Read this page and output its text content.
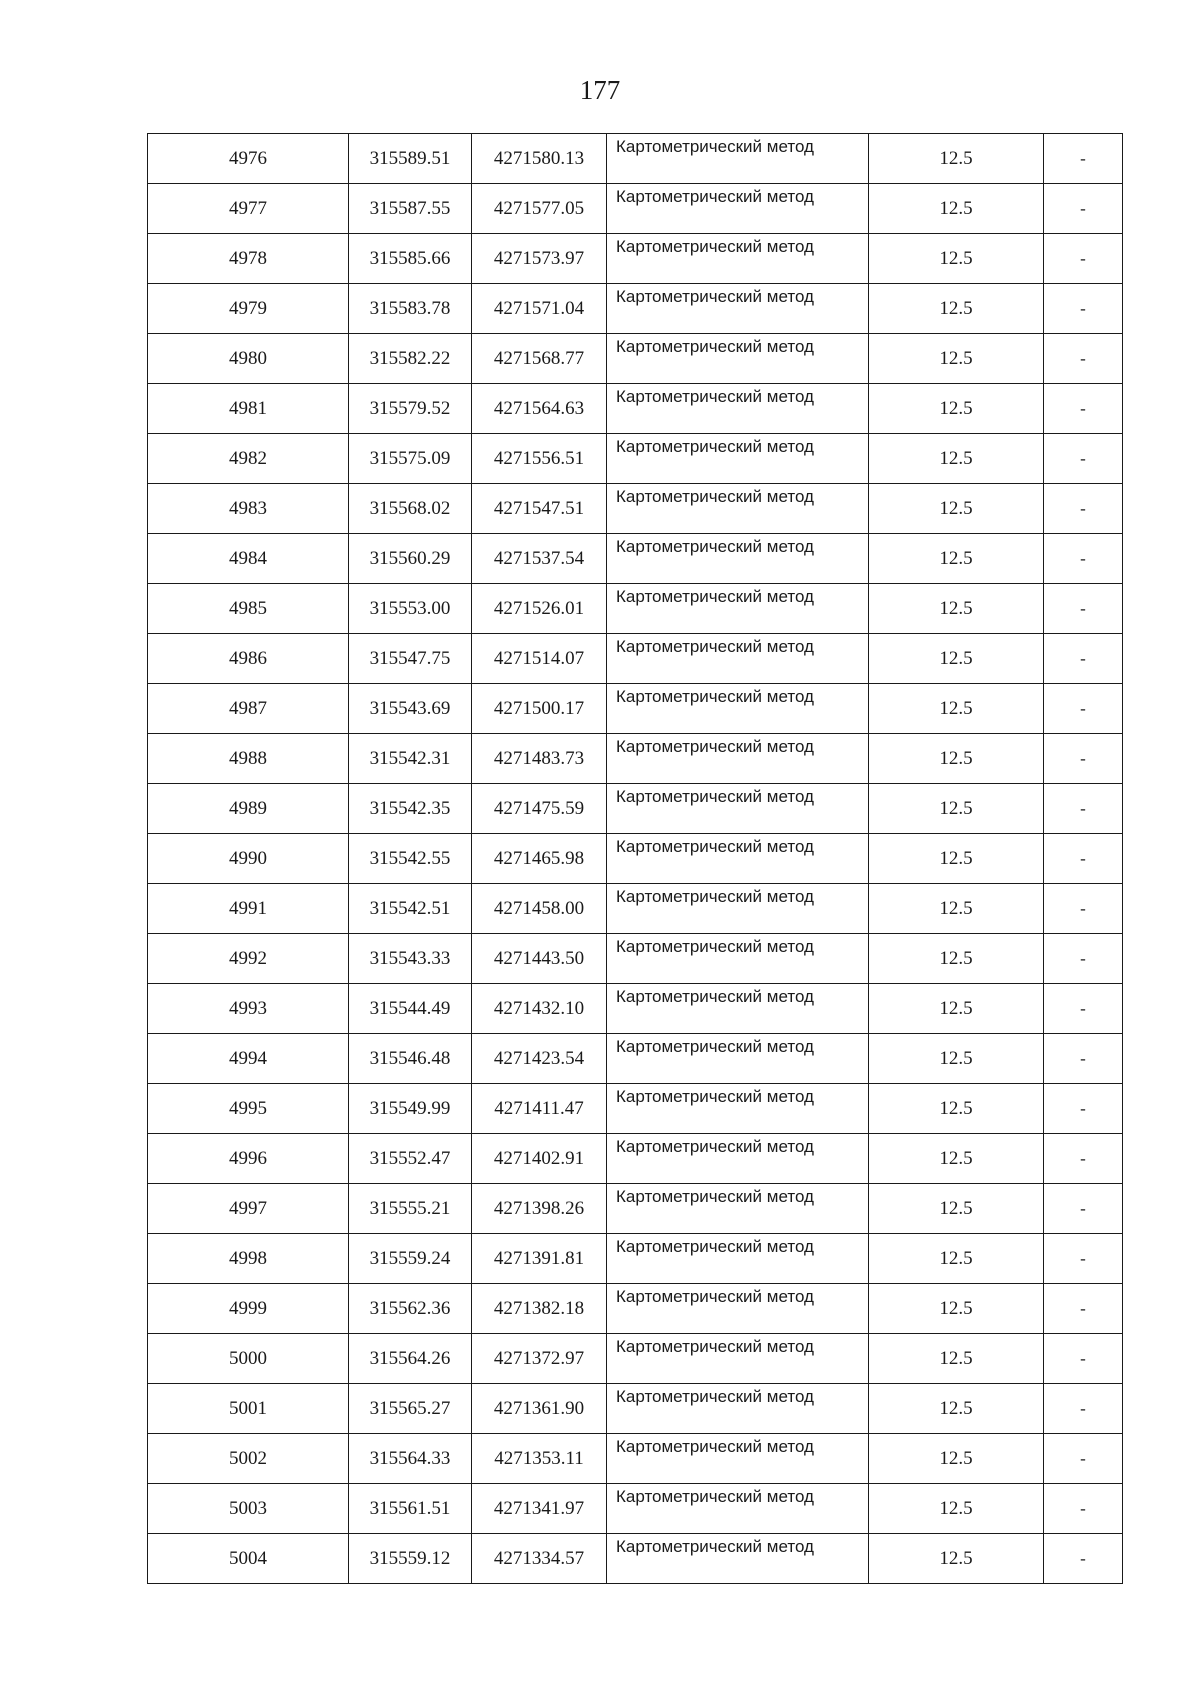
177
4976	315589.51	4271580.13	Картометрический метод	12.5	-
4977	315587.55	4271577.05	Картометрический метод	12.5	-
4978	315585.66	4271573.97	Картометрический метод	12.5	-
4979	315583.78	4271571.04	Картометрический метод	12.5	-
4980	315582.22	4271568.77	Картометрический метод	12.5	-
4981	315579.52	4271564.63	Картометрический метод	12.5	-
4982	315575.09	4271556.51	Картометрический метод	12.5	-
4983	315568.02	4271547.51	Картометрический метод	12.5	-
4984	315560.29	4271537.54	Картометрический метод	12.5	-
4985	315553.00	4271526.01	Картометрический метод	12.5	-
4986	315547.75	4271514.07	Картометрический метод	12.5	-
4987	315543.69	4271500.17	Картометрический метод	12.5	-
4988	315542.31	4271483.73	Картометрический метод	12.5	-
4989	315542.35	4271475.59	Картометрический метод	12.5	-
4990	315542.55	4271465.98	Картометрический метод	12.5	-
4991	315542.51	4271458.00	Картометрический метод	12.5	-
4992	315543.33	4271443.50	Картометрический метод	12.5	-
4993	315544.49	4271432.10	Картометрический метод	12.5	-
4994	315546.48	4271423.54	Картометрический метод	12.5	-
4995	315549.99	4271411.47	Картометрический метод	12.5	-
4996	315552.47	4271402.91	Картометрический метод	12.5	-
4997	315555.21	4271398.26	Картометрический метод	12.5	-
4998	315559.24	4271391.81	Картометрический метод	12.5	-
4999	315562.36	4271382.18	Картометрический метод	12.5	-
5000	315564.26	4271372.97	Картометрический метод	12.5	-
5001	315565.27	4271361.90	Картометрический метод	12.5	-
5002	315564.33	4271353.11	Картометрический метод	12.5	-
5003	315561.51	4271341.97	Картометрический метод	12.5	-
5004	315559.12	4271334.57	Картометрический метод	12.5	-
